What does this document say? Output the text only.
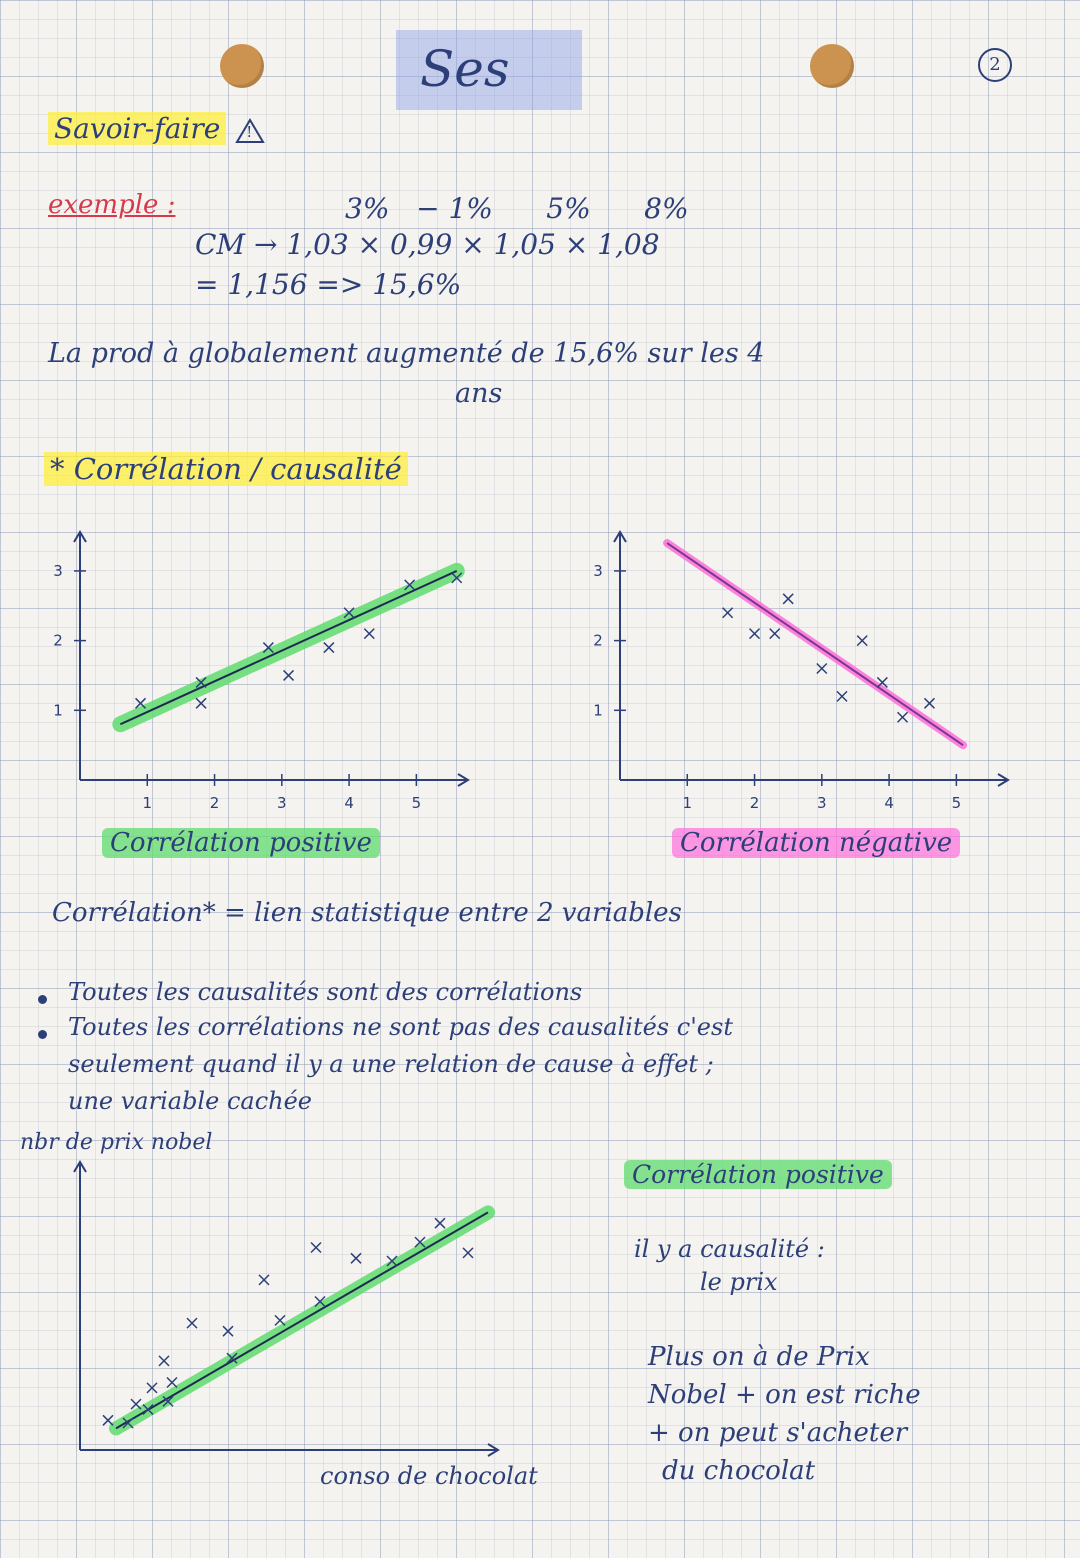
2
Ses
Savoir-faire !
exemple :	3%   − 1%      5%      8%
CM → 1,03 × 0,99 × 1,05 × 1,08
= 1,156 => 15,6%
La prod à globalement augmenté de 15,6% sur les 4
ans
* Corrélation / causalité
1	2	3	4	5
1
2
3
Corrélation positive
1	2	3	4	5
1
2
3
Corrélation négative
Corrélation* = lien statistique entre 2 variables
Toutes les causalités sont des corrélations
Toutes les corrélations ne sont pas des causalités c'est
seulement quand il y a une relation de cause à effet ;
une variable cachée
nbr de prix nobel
conso de chocolat
Corrélation positive
il y a causalité :
le prix
Plus on à de Prix
Nobel + on est riche
+ on peut s'acheter
du chocolat
